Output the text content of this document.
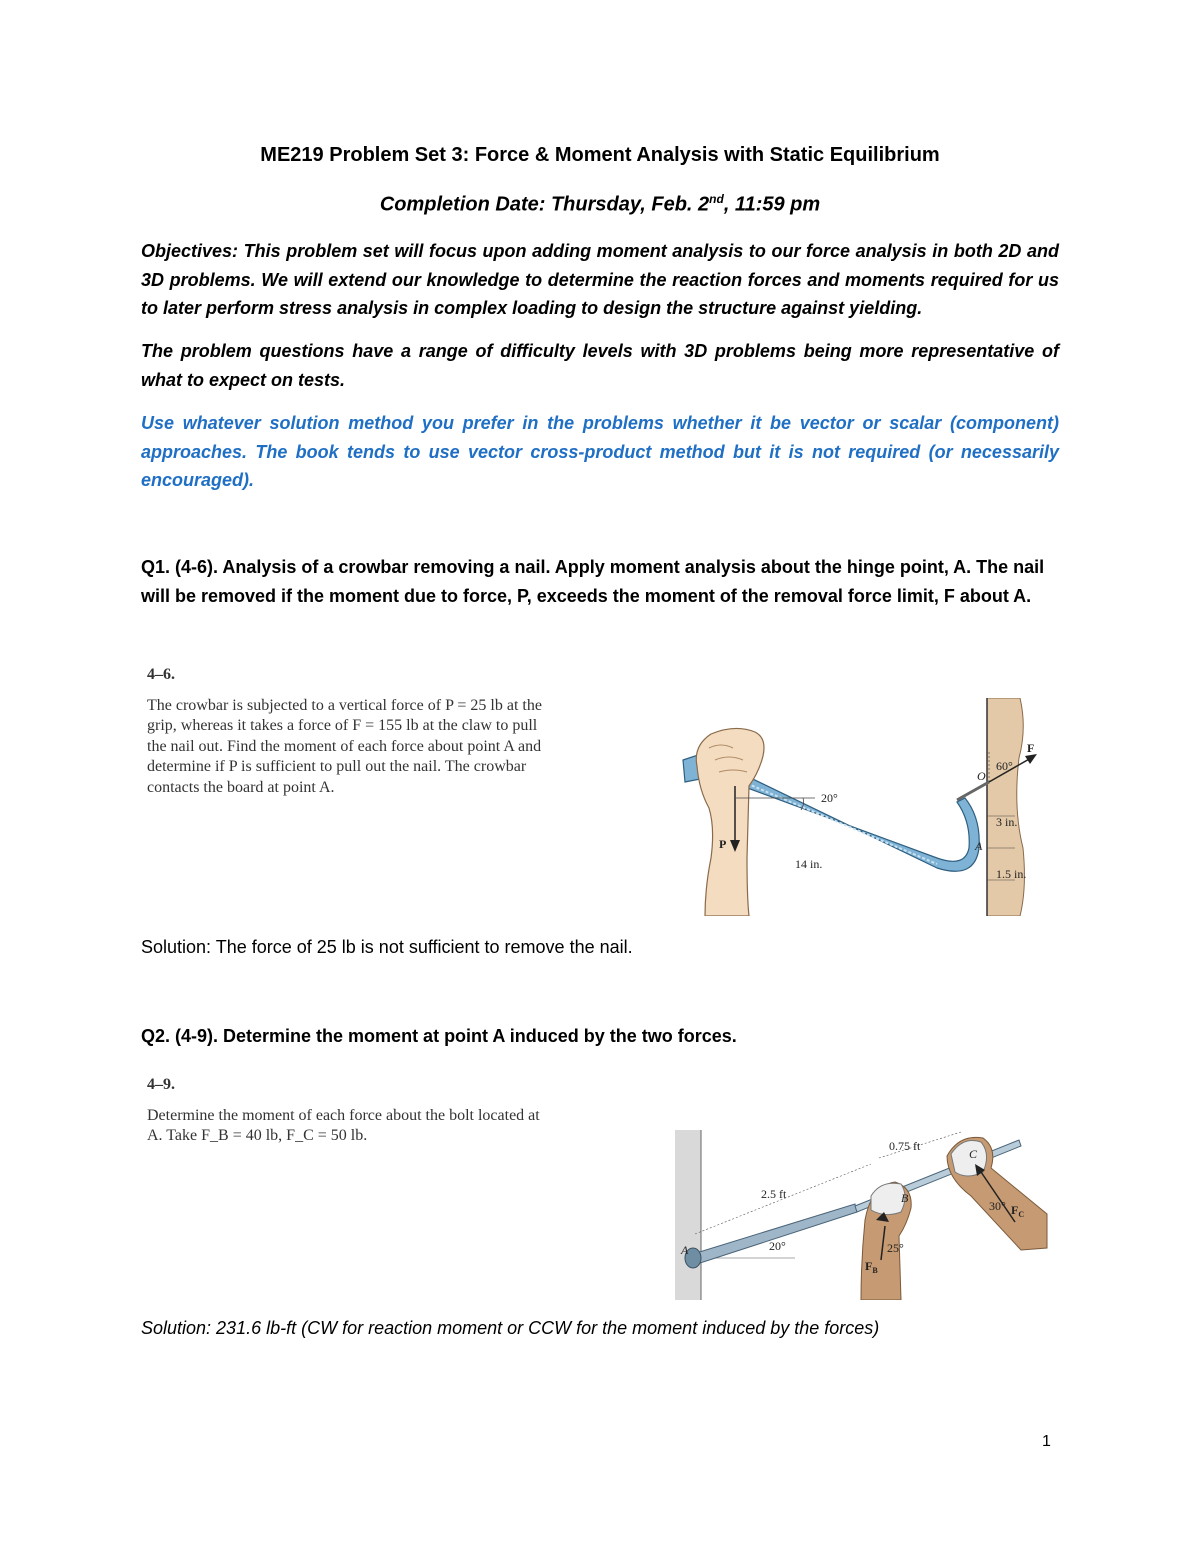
ME219 Problem Set 3: Force & Moment Analysis with Static Equilibrium
Completion Date: Thursday, Feb. 2nd, 11:59 pm
Objectives: This problem set will focus upon adding moment analysis to our force analysis in both 2D and 3D problems. We will extend our knowledge to determine the reaction forces and moments required for us to later perform stress analysis in complex loading to design the structure against yielding.
The problem questions have a range of difficulty levels with 3D problems being more representative of what to expect on tests.
Use whatever solution method you prefer in the problems whether it be vector or scalar (component) approaches. The book tends to use vector cross-product method but it is not required (or necessarily encouraged).
Q1. (4-6). Analysis of a crowbar removing a nail. Apply moment analysis about the hinge point, A. The nail will be removed if the moment due to force, P, exceeds the moment of the removal force limit, F about A.
4–6.
The crowbar is subjected to a vertical force of P = 25 lb at the grip, whereas it takes a force of F = 155 lb at the claw to pull the nail out. Find the moment of each force about point A and determine if P is sufficient to pull out the nail. The crowbar contacts the board at point A.
20°
60°
14 in.
3 in.
1.5 in.
P
F
O
A
Solution: The force of 25 lb is not sufficient to remove the nail.
Q2. (4-9). Determine the moment at point A induced by the two forces.
4–9.
Determine the moment of each force about the bolt located at A. Take F_B = 40 lb, F_C = 50 lb.
2.5 ft
0.75 ft
20°
30°
25°
A
B
C
$F_B$
$F_C$
Solution: 231.6 lb-ft (CW for reaction moment or CCW for the moment induced by the forces)
1
